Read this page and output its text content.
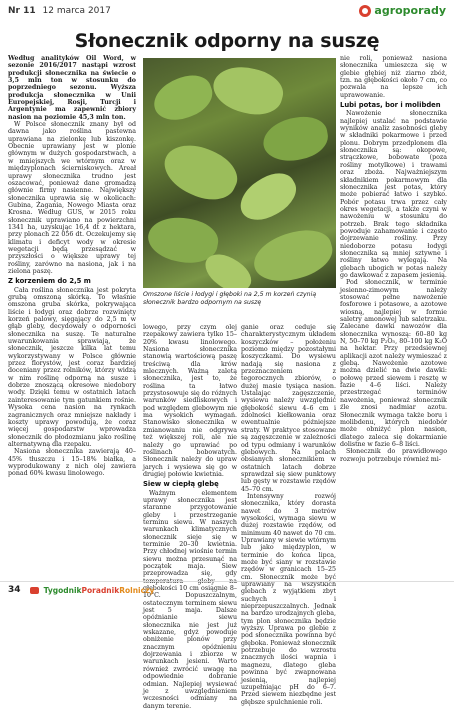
Nr 11 12 marca 2017	agroporady
Słonecznik odporny na suszę

Według analityków Oil Word, w sezonie 2016/2017 nastąpi wzrost produkcji słonecznika na świecie o 3,5 mln ton w stosunku do poprzedniego sezonu. Wyższa produkcja słonecznika w Unii Europejskiej, Rosji, Turcji i Argentynie ma zapewnić zbiory nasion na poziomie 45,3 mln ton.

W Polsce słonecznik znany był od dawna jako roślina pastewna uprawiana na zielonkę lub kiszonkę. Obecnie uprawiany jest w plonie głównym w dużych gospodarstwach, a w mniejszych we wtórnym oraz w międzyplonach ścierniskowych. Areał uprawy słonecznika trudno jest oszacować, ponieważ dane gromadzą głównie firmy nasienne. Największy słonecznika uprawia się w okolicach: Gubina, Żagania, Nowego Miasta oraz Krosna. Według GUS, w 2015 roku słonecznik uprawiano na powierzchni 1341 ha, uzyskując 16,4 dt z hektara, przy plonach 22 056 dt. Oczekujemy się klimatu i deficyt wody w okresie wegetacji będą przesądzać w przyszłości o większe uprawy tej rośliny, zarówno na nasiona, jak i na zielona paszę.

Z korzeniem do 2,5 m

Cała roślina słonecznika jest pokryta grubą omszoną skórką. To właśnie omszona gruba skórka, pokrywająca liście i łodygi oraz dobrze rozwinięty korzeń palowy, sięgający do 2,5 m w głąb gleby, decydowały o odporności słonecznika na suszę. Te naturalne uwarunkowania sprawiają, że słonecznik, jeszcze kilka lat temu wykorzystywany w Polsce głównie przez florystów, jest coraz bardziej doceniany przez rolników, którzy widzą w nim roślinę odporną na susze i dobrze znoszącą okresowe niedobory wody. Dzięki temu w ostatnich latach zainteresowanie tym gatunkiem rośnie. Wysoka cena nasion na rynkach zagranicznych oraz mniejsze nakłady i koszty uprawy powodują, że coraz więcej gospodarstw wprowadza słonecznik do płodozmianu jako roślinę alternatywną dla rzepaku.

Nasiona słonecznika zawierają 40–45% tłuszczu i 15–18% białka, a wyprodukowany z nich olej zawiera ponad 60% kwasu linolowego.

Omszone liście i łodygi i głęboki na 2,5 m korzeń czynią słonecznik bardzo odpornym na suszę

lowego, przy czym olej rzepakowy zawiera tylko 15–20% kwasu linolowego. Nasiona słonecznika stanowią wartościową paszę treściwą dla krów mlecznych. Ważną zaletą słonecznika, jest to, że roślina ta łatwo przystosowuje się do różnych warunków siedliskowych i pod względem glebowym nie ma wysokich wymagań. Stanowisko słonecznika w zmianowaniu nie odgrywa też większej roli, ale nie należy go uprawiać po roślinach bobowatych. Słonecznik należy do upraw jarych i wysiewa się go w drugiej połowie kwietnia.

Siew w ciepłą glebę

Ważnym elementem uprawy słonecznika jest staranne przygotowanie gleby i przestrzeganie terminu siewu. W naszych warunkach klimatycznych słonecznik sieje się w terminie 20–30 kwietnia. Przy chłodnej wiośnie termin siewu można przesunąć na początek maja. Siew przeprowadza się, gdy temperatura gleby na głębokości 10 cm osiągnie 8–10°C. Dopuszczalnym, ostatecznym terminem siewu jest 5 maja. Dalsze opóźnianie siewu słonecznika nie jest już wskazane, gdyż powoduje obniżenie plonów przy znacznym opóźnieniu dojrzewania i zbiorze w warunkach jesieni. Warto również zwrócić uwagę na odpowiednie dobranie odmian. Najlepiej wysiewać je z uwzględnieniem wczesności odmiany na danym terenie.

ganie oraz ceduje się charakterystycznym układem koszyczków – położeniu poziomo między pozostałymi koszyczkami. Do wysiewu nadają się nasiona z przeznaczeniem z tegorocznych zbiorów, o dużej masie tysiąca nasion. Ustalając zagęszczenie, wysiewu należy uwzględnić głębokość siewu 4–6 cm i zdolności kiełkowania oraz ewentualnie późniejsze straty. W praktyce stosowane są zagęszczenie w zależności od typu odmiany i warunków glebowych. Na polach obsianych słonecznikiem w ostatnich latach dobrze sprawdzał się siew punktowy lub gęsty w rozstawie rzędów 45–70 cm.

Intensywny rozwój słonecznika, który dorasta nawet do 3 metrów wysokości, wymaga siewu w dużej rozstawie rzędów, od minimum 40 nawet do 70 cm. Uprawiany w siewie wtórnym lub jako międzyplon, w terminie do końca lipca, może być siany w rozstawie rzędów w granicach 15–25 cm. Słonecznik może być uprawiany na wszystkich glebach z wyjątkiem zbyt suchych i nieprzepuszczalnych. Jednak na bardzo urodzajnych gleba, tym plon słonecznika będzie wyższy. Uprawa po glebie z pod słonecznika powinna być głęboka. Ponieważ słonecznik potrzebuje do wzrostu znacznych ilości wapnia i magnezu, dlatego gleba powinna być zwapnowana jesienią, najlepiej uzupełniając pH do 6–7. Przed siewem niezbędne jest głębsze spulchnienie roli.

nie roli, ponieważ nasiona słonecznika umieszcza się w glebie głębiej niż ziarno zbóż, tzn. na głębokości około 7 cm, co pozwala na lepsze ich uprawowanie.

Lubi potas, bor i molibden

Nawożenie słonecznika najlepiej ustalać na podstawie wyników analiz zasobności gleby w składniki pokarmowe i przed plonu. Dobrym przedplonem dla słonecznika są: okopowe, strączkowe, bobowate (poza rośliny motylkowe) i trawami oraz zboża. Najważniejszym składnikiem pokarmowym dla słonecznika jest potas, który może pobierać łatwo i szybko. Pobór potasu trwa przez cały okres wegetacji, a także czyni w nawożeniu w stosunku do potrzeb. Brak tego składnika powoduje zahamowanie i często dojrzewanie rośliny. Przy niedoborze potasu łodygi słonecznika są mniej sztywne i rośliny łatwo wylegają. Na glebach ubogich w potas należy go dawkować z zapasem jesienią.

Pod słonecznik, w terminie jesienno-zimowym należy stosować pełne nawożenie fosforowe i potasowe, a azotowe wiosną, najlepiej w formie saletry amonowej lub saletrzaku. Zalecane dawki nawozów dla słonecznika wynoszą: 60–80 kg N, 50–70 kg P₂O₅, 80–100 kg K₂O na hektar. Przy przedsiewnej aplikacji azot należy wymieszać z glebą. Nawożenie azotowe można dzielić na dwie dawki: połowę przed siewem i resztę w fazie 4–6 liści. Należy przestrzegać terminów nawożenia, ponieważ słonecznik źle znosi nadmiar azotu. Słonecznik wymaga także boru i molibdenu, których niedobór może obniżyć plon nasion, dlatego zaleca się dokarmianie dolistne w fazie 6–8 liści.

Słonecznik do prawidłowego rozwoju potrzebuje również mi-

34	TygodnikPoradnikRolniczy
